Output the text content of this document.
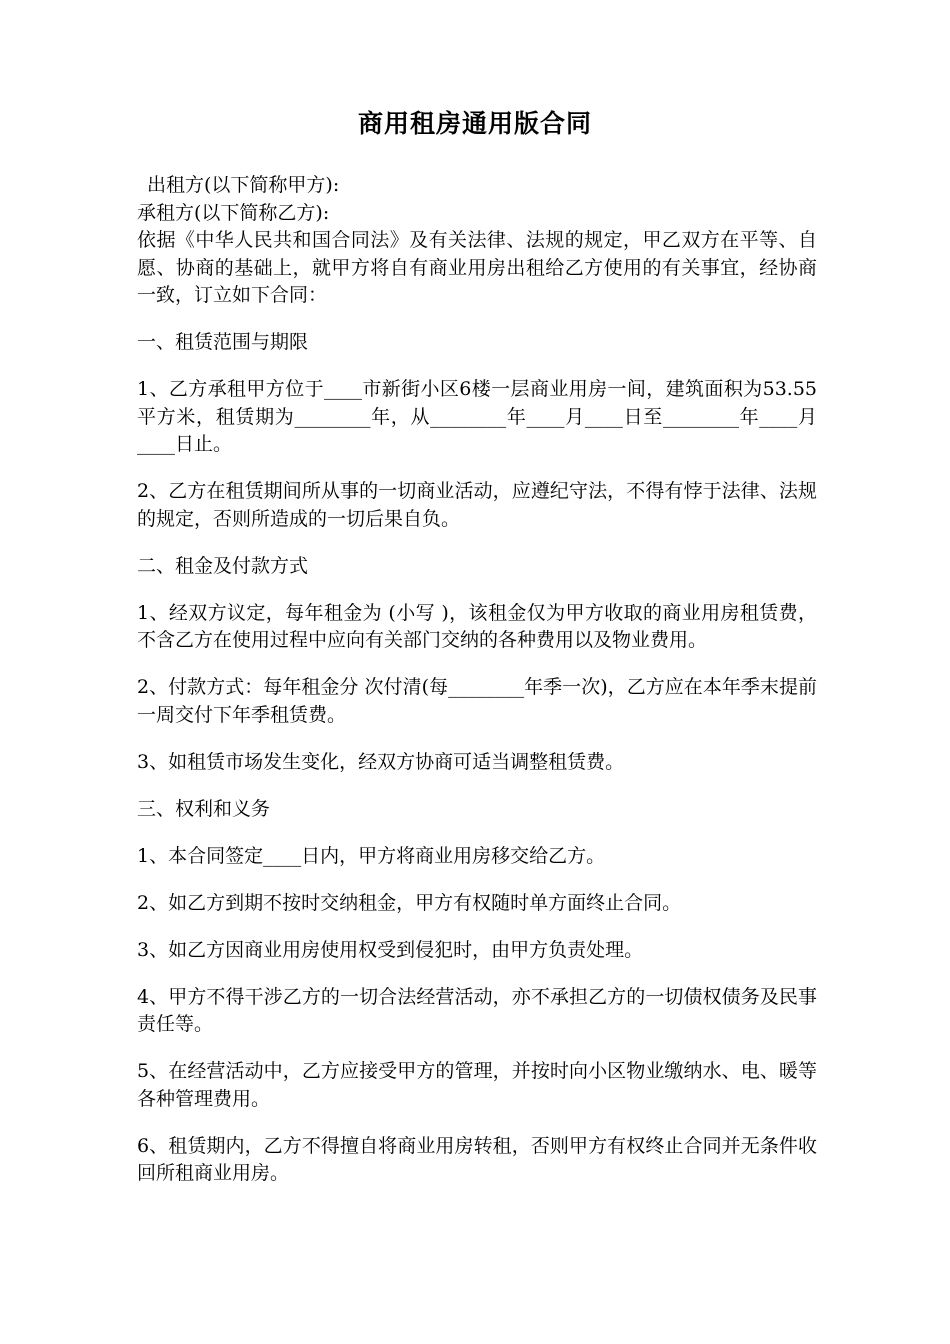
商用租房通用版合同

出租方(以下简称甲方):

承租方(以下简称乙方):

依据《中华人民共和国合同法》及有关法律、法规的规定，甲乙双方在平等、自愿、协商的基础上，就甲方将自有商业用房出租给乙方使用的有关事宜，经协商一致，订立如下合同：

一、租赁范围与期限

1、乙方承租甲方位于____市新街小区6楼一层商业用房一间，建筑面积为53.55平方米，租赁期为________年，从________年____月____日至________年____月____日止。

2、乙方在租赁期间所从事的一切商业活动，应遵纪守法，不得有悖于法律、法规的规定，否则所造成的一切后果自负。

二、租金及付款方式

1、经双方议定，每年租金为 (小写 )，该租金仅为甲方收取的商业用房租赁费，不含乙方在使用过程中应向有关部门交纳的各种费用以及物业费用。

2、付款方式：每年租金分 次付清(每________年季一次)，乙方应在本年季末提前一周交付下年季租赁费。

3、如租赁市场发生变化，经双方协商可适当调整租赁费。

三、权利和义务

1、本合同签定____日内，甲方将商业用房移交给乙方。

2、如乙方到期不按时交纳租金，甲方有权随时单方面终止合同。

3、如乙方因商业用房使用权受到侵犯时，由甲方负责处理。

4、甲方不得干涉乙方的一切合法经营活动，亦不承担乙方的一切债权债务及民事责任等。

5、在经营活动中，乙方应接受甲方的管理，并按时向小区物业缴纳水、电、暖等各种管理费用。

6、租赁期内，乙方不得擅自将商业用房转租，否则甲方有权终止合同并无条件收回所租商业用房。
